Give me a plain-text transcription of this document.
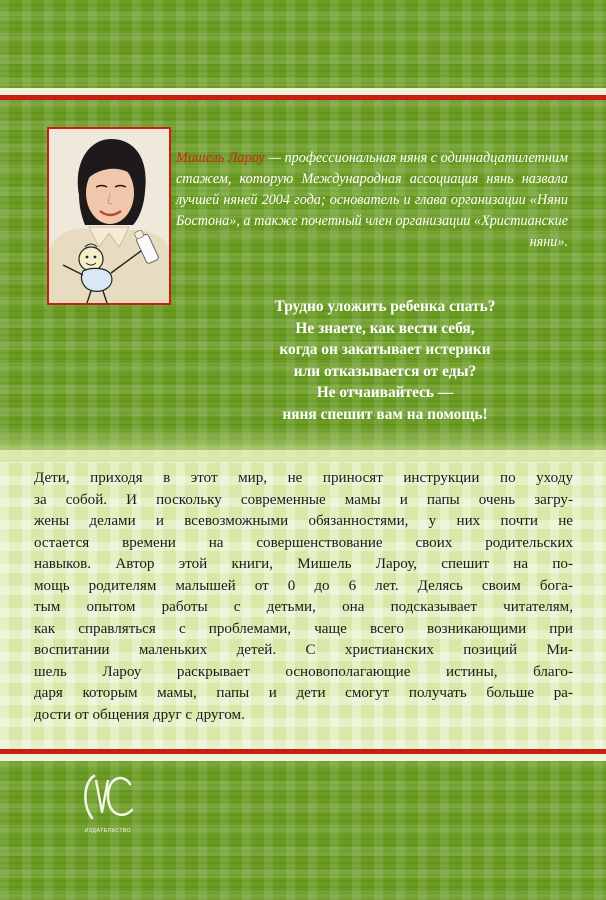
Мишель Лароу — профессиональная няня с одиннадцатилетним стажем, которую Международная ассоциация нянь назвала лучшей няней 2004 года; основатель и глава организации «Няни Бостона», а также почетный член организации «Христианские няни».

Трудно уложить ребенка спать?
Не знаете, как вести себя,
когда он закатывает истерики
или отказывается от еды?
Не отчаивайтесь —
няня спешит вам на помощь!

Дети, приходя в этот мир, не приносят инструкции по уходу
за собой. И поскольку современные мамы и папы очень загру-
жены делами и всевозможными обязанностями, у них почти не
остается времени на совершенствование своих родительских
навыков. Автор этой книги, Мишель Лароу, спешит на по-
мощь родителям малышей от 0 до 6 лет. Делясь своим бога-
тым опытом работы с детьми, она подсказывает читателям,
как справляться с проблемами, чаще всего возникающими при
воспитании маленьких детей. С христианских позиций Ми-
шель Лароу раскрывает основополагающие истины, благо-
даря которым мамы, папы и дети смогут получать больше ра-
дости от общения друг с другом.

ИЗДАТЕЛЬСТВО
